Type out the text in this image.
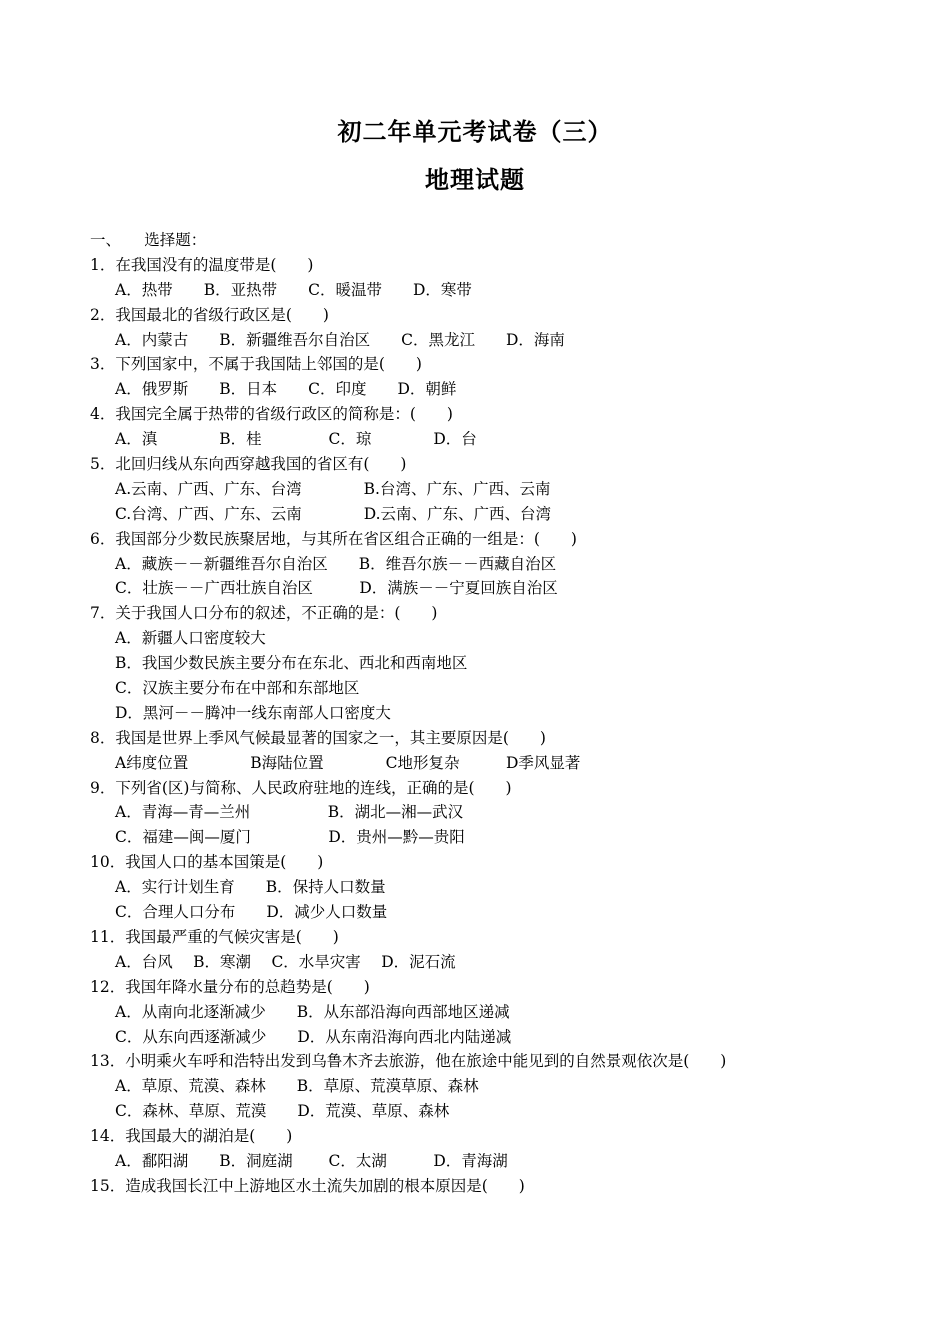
初二年单元考试卷（三）
地理试题
一、　　选择题：
1．在我国没有的温度带是(　　)
A．热带　　B．亚热带　　C．暖温带　　D．寒带
2．我国最北的省级行政区是(　　)
A．内蒙古　　B．新疆维吾尔自治区　　C．黑龙江　　D．海南
3．下列国家中，不属于我国陆上邻国的是(　　)
A．俄罗斯　　B．日本　　C．印度　　D．朝鲜
4．我国完全属于热带的省级行政区的简称是：(　　)
A．滇　　　　B．桂　　　　 C．琼　　　　D．台
5．北回归线从东向西穿越我国的省区有(　　)
A.云南、广西、广东、台湾　　　　B.台湾、广东、广西、云南
C.台湾、广西、广东、云南　　　　D.云南、广东、广西、台湾
6．我国部分少数民族聚居地，与其所在省区组合正确的一组是：(　　)
A．藏族－－新疆维吾尔自治区　　B．维吾尔族－－西藏自治区
C．壮族－－广西壮族自治区　　　D．满族－－宁夏回族自治区
7．关于我国人口分布的叙述，不正确的是：(　　)
A．新疆人口密度较大
B．我国少数民族主要分布在东北、西北和西南地区
C．汉族主要分布在中部和东部地区
D．黑河－－腾冲一线东南部人口密度大
8．我国是世界上季风气候最显著的国家之一，其主要原因是(　　)
A纬度位置　　　　B海陆位置　　　　C地形复杂　　　D季风显著
9．下列省(区)与简称、人民政府驻地的连线，正确的是(　　)
A．青海—青—兰州　　　　　B．湖北—湘—武汉
C．福建—闽—厦门　　　　　D．贵州—黔—贵阳
10．我国人口的基本国策是(　　)
A．实行计划生育　　B．保持人口数量
C．合理人口分布　　D．减少人口数量
11．我国最严重的气候灾害是(　　)
A．台风　 B．寒潮　 C．水旱灾害　 D．泥石流
12．我国年降水量分布的总趋势是(　　)
A．从南向北逐渐减少　　B．从东部沿海向西部地区递减
C．从东向西逐渐减少　　D．从东南沿海向西北内陆递减
13．小明乘火车呼和浩特出发到乌鲁木齐去旅游，他在旅途中能见到的自然景观依次是(　　)
A．草原、荒漠、森林　　B．草原、荒漠草原、森林
C．森林、草原、荒漠　　D．荒漠、草原、森林
14．我国最大的湖泊是(　　)
A．鄱阳湖　　B．洞庭湖　　 C．太湖　　　D．青海湖
15．造成我国长江中上游地区水土流失加剧的根本原因是(　　)
